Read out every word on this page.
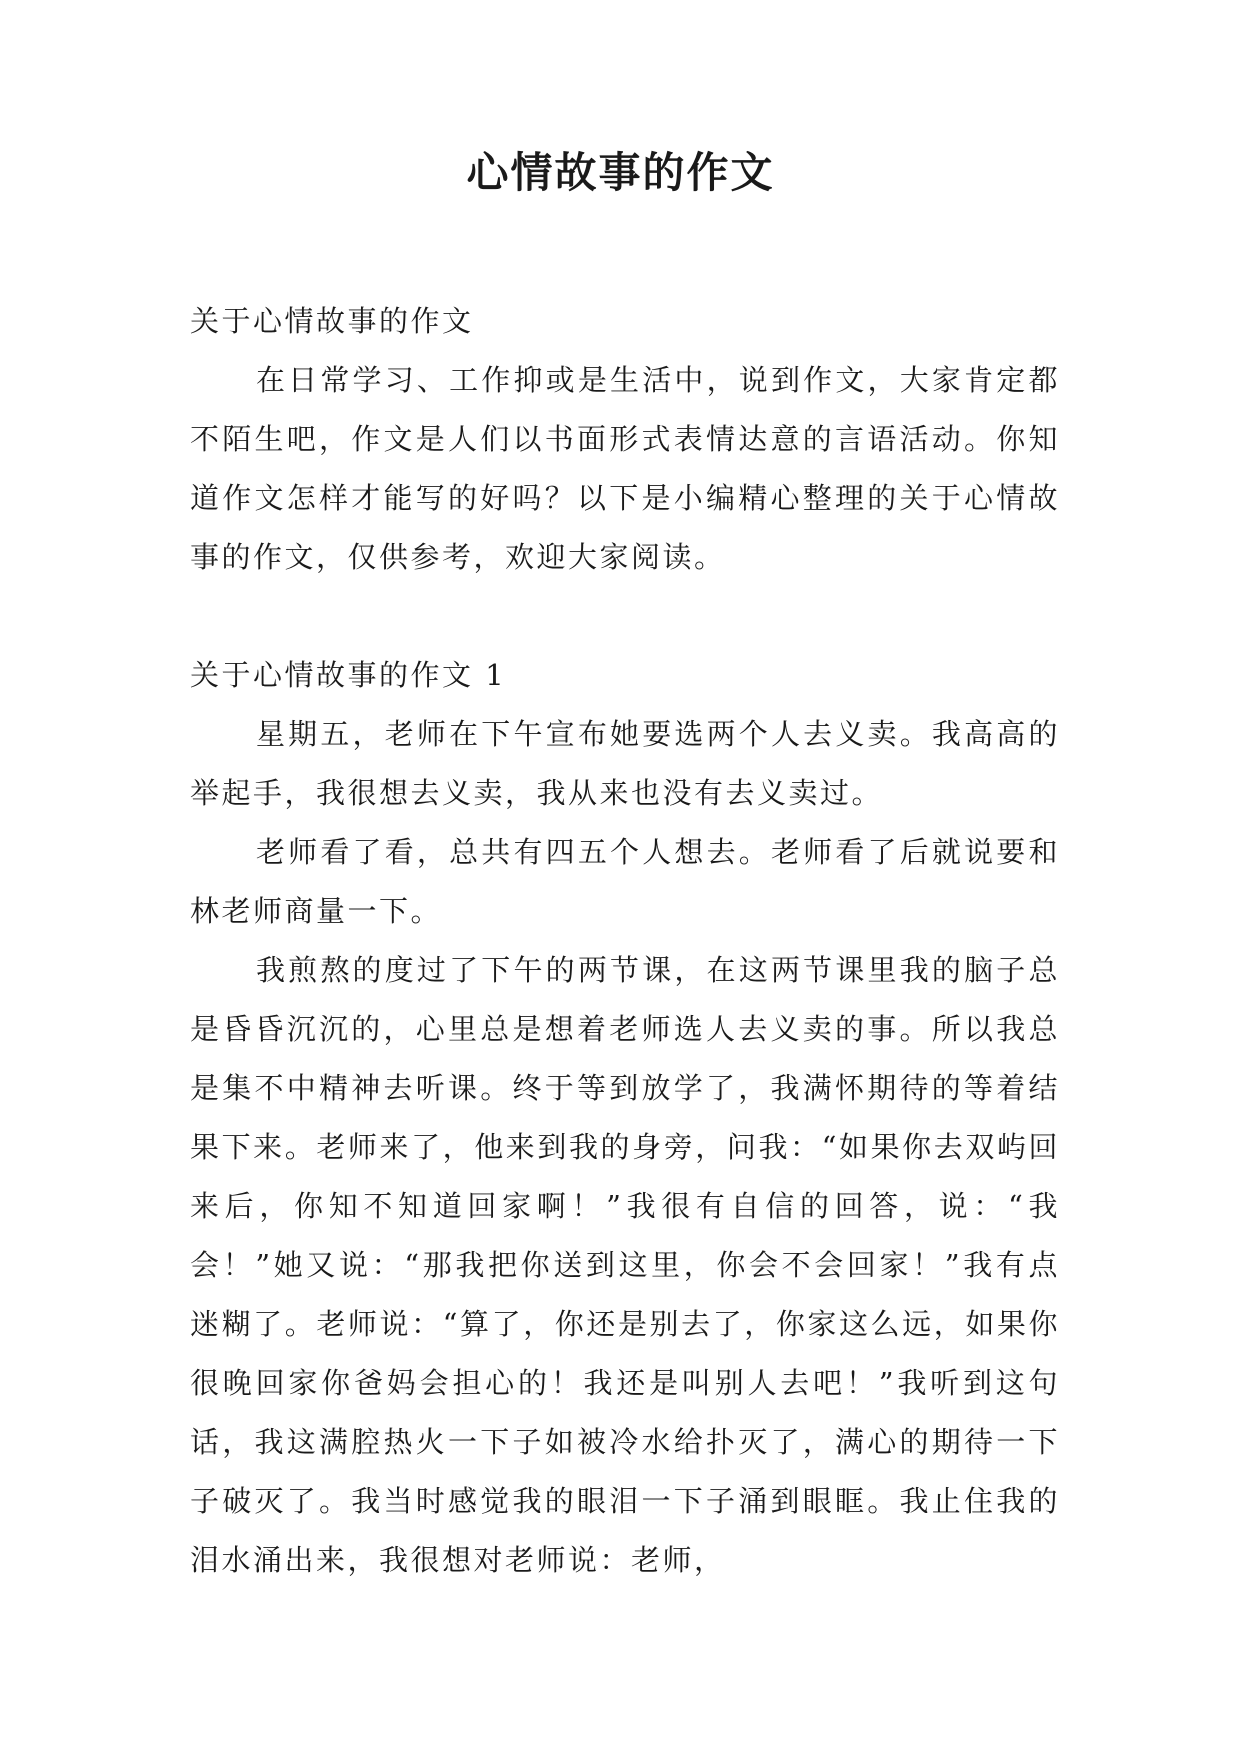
心情故事的作文

关于心情故事的作文

在日常学习、工作抑或是生活中，说到作文，大家肯定都不陌生吧，作文是人们以书面形式表情达意的言语活动。你知道作文怎样才能写的好吗？以下是小编精心整理的关于心情故事的作文，仅供参考，欢迎大家阅读。

关于心情故事的作文 1

星期五，老师在下午宣布她要选两个人去义卖。我高高的举起手，我很想去义卖，我从来也没有去义卖过。

老师看了看，总共有四五个人想去。老师看了后就说要和林老师商量一下。

我煎熬的度过了下午的两节课，在这两节课里我的脑子总是昏昏沉沉的，心里总是想着老师选人去义卖的事。所以我总是集不中精神去听课。终于等到放学了，我满怀期待的等着结果下来。老师来了，他来到我的身旁，问我：“如果你去双屿回来后，你知不知道回家啊！”我很有自信的回答，说：“我会！”她又说：“那我把你送到这里，你会不会回家！”我有点迷糊了。老师说：“算了，你还是别去了，你家这么远，如果你很晚回家你爸妈会担心的！我还是叫别人去吧！”我听到这句话，我这满腔热火一下子如被冷水给扑灭了，满心的期待一下子破灭了。我当时感觉我的眼泪一下子涌到眼眶。我止住我的泪水涌出来，我很想对老师说：老师，
